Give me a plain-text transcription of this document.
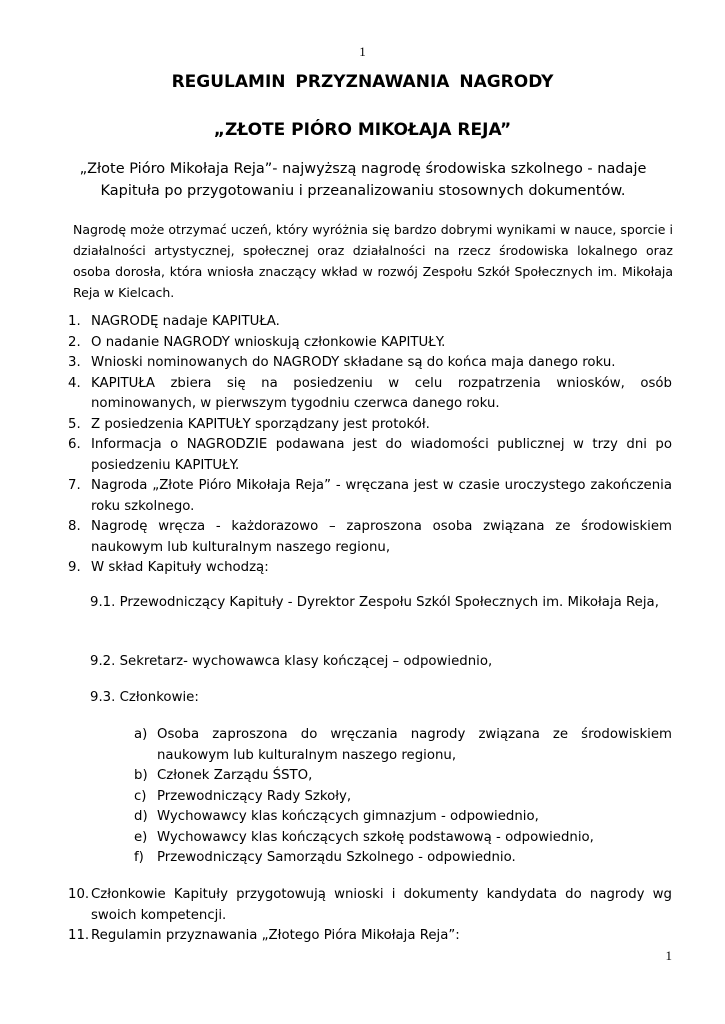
1
REGULAMIN PRZYZNAWANIA NAGRODY
„ZŁOTE PIÓRO MIKOŁAJA REJA”
„Złote Pióro Mikołaja Reja”- najwyższą nagrodę środowiska szkolnego - nadaje Kapituła po przygotowaniu i przeanalizowaniu stosownych dokumentów.
Nagrodę może otrzymać uczeń, który wyróżnia się bardzo dobrymi wynikami w nauce, sporcie i działalności artystycznej, społecznej oraz działalności na rzecz środowiska lokalnego oraz osoba dorosła, która wniosła znaczący wkład w rozwój Zespołu Szkół Społecznych im. Mikołaja Reja w Kielcach.
1. NAGRODĘ nadaje KAPITUŁA.
2. O nadanie NAGRODY wnioskują członkowie KAPITUŁY.
3. Wnioski nominowanych do NAGRODY składane są do końca maja danego roku.
4. KAPITUŁA zbiera się na posiedzeniu w celu rozpatrzenia wniosków, osób nominowanych, w pierwszym tygodniu czerwca danego roku.
5. Z posiedzenia KAPITUŁY sporządzany jest protokół.
6. Informacja o NAGRODZIE podawana jest do wiadomości publicznej w trzy dni po posiedzeniu KAPITUŁY.
7. Nagroda „Złote Pióro Mikołaja Reja” - wręczana jest w czasie uroczystego zakończenia roku szkolnego.
8. Nagrodę wręcza - każdorazowo – zaproszona osoba związana ze środowiskiem naukowym lub kulturalnym naszego regionu,
9. W skład Kapituły wchodzą:
9.1. Przewodniczący Kapituły - Dyrektor Zespołu Szkól Społecznych im. Mikołaja Reja,
9.2. Sekretarz- wychowawca klasy kończącej – odpowiednio,
9.3. Członkowie:
a) Osoba zaproszona do wręczania nagrody związana ze środowiskiem naukowym lub kulturalnym naszego regionu,
b) Członek Zarządu ŚSTO,
c) Przewodniczący Rady Szkoły,
d) Wychowawcy klas kończących gimnazjum - odpowiednio,
e) Wychowawcy klas kończących szkołę podstawową - odpowiednio,
f) Przewodniczący Samorządu Szkolnego - odpowiednio.
10. Członkowie Kapituły przygotowują wnioski i dokumenty kandydata do nagrody wg swoich kompetencji.
11. Regulamin przyznawania „Złotego Pióra Mikołaja Reja”:
1
